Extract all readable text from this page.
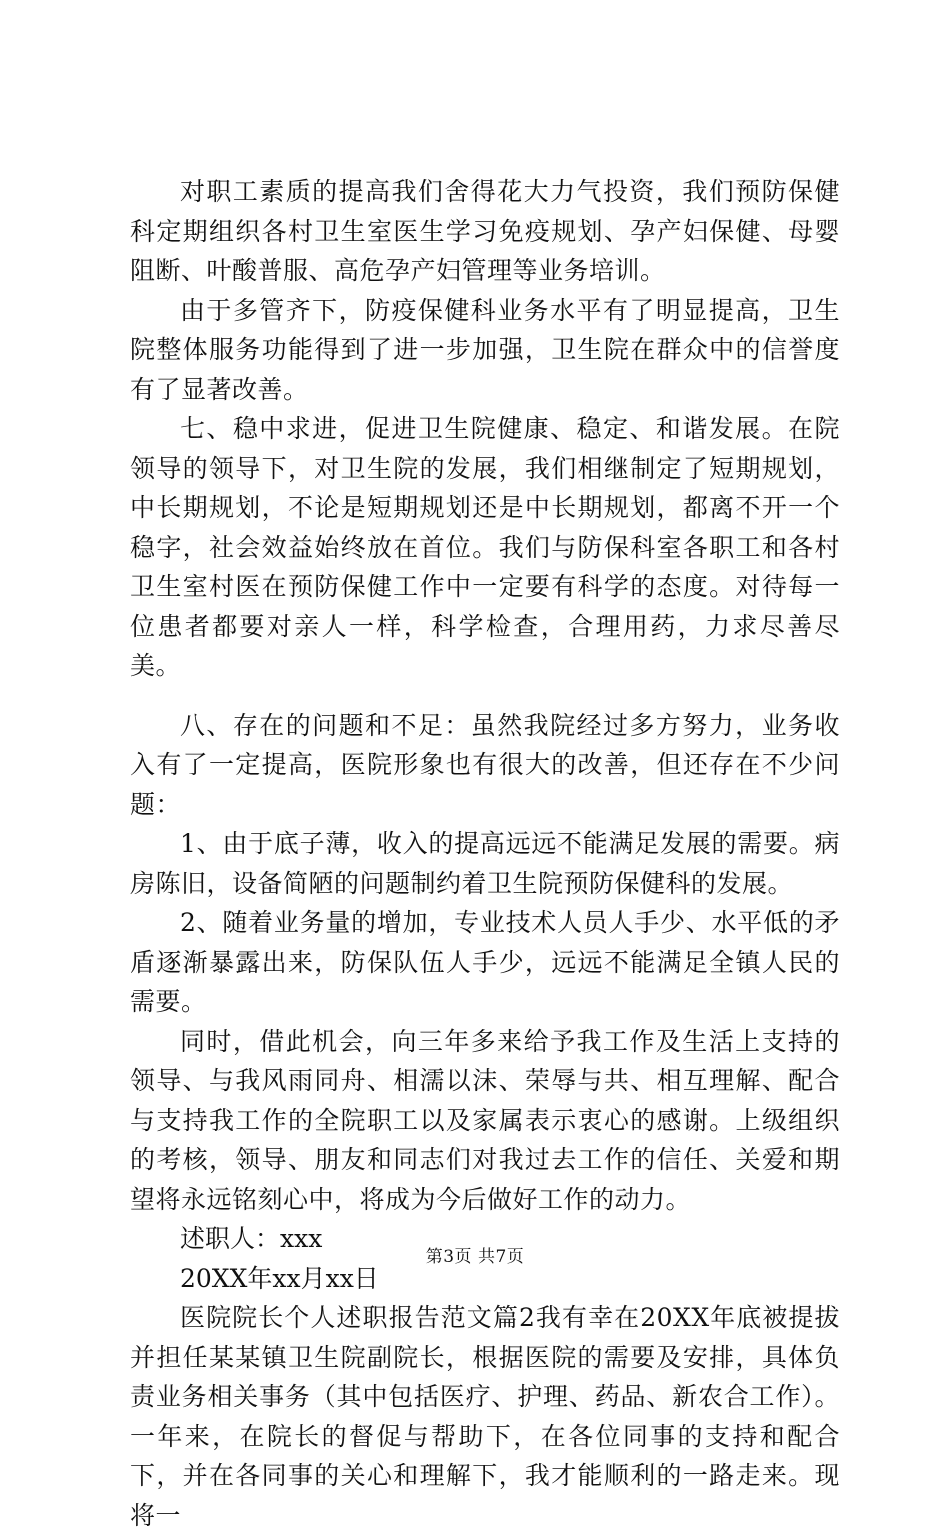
对职工素质的提高我们舍得花大力气投资，我们预防保健科定期组织各村卫生室医生学习免疫规划、孕产妇保健、母婴阻断、叶酸普服、高危孕产妇管理等业务培训。

由于多管齐下，防疫保健科业务水平有了明显提高，卫生院整体服务功能得到了进一步加强，卫生院在群众中的信誉度有了显著改善。

七、稳中求进，促进卫生院健康、稳定、和谐发展。在院领导的领导下，对卫生院的发展，我们相继制定了短期规划，中长期规划，不论是短期规划还是中长期规划，都离不开一个稳字，社会效益始终放在首位。我们与防保科室各职工和各村卫生室村医在预防保健工作中一定要有科学的态度。对待每一位患者都要对亲人一样，科学检查，合理用药，力求尽善尽美。

八、存在的问题和不足：虽然我院经过多方努力，业务收入有了一定提高，医院形象也有很大的改善，但还存在不少问题：

1、由于底子薄，收入的提高远远不能满足发展的需要。病房陈旧，设备简陋的问题制约着卫生院预防保健科的发展。

2、随着业务量的增加，专业技术人员人手少、水平低的矛盾逐渐暴露出来，防保队伍人手少，远远不能满足全镇人民的需要。

同时，借此机会，向三年多来给予我工作及生活上支持的领导、与我风雨同舟、相濡以沫、荣辱与共、相互理解、配合与支持我工作的全院职工以及家属表示衷心的感谢。上级组织的考核，领导、朋友和同志们对我过去工作的信任、关爱和期望将永远铭刻心中，将成为今后做好工作的动力。

述职人：xxx

20XX年xx月xx日

医院院长个人述职报告范文篇2我有幸在20XX年底被提拔并担任某某镇卫生院副院长，根据医院的需要及安排，具体负责业务相关事务（其中包括医疗、护理、药品、新农合工作）。一年来，在院长的督促与帮助下，在各位同事的支持和配合下，并在各同事的关心和理解下，我才能顺利的一路走来。现将一

第3页 共7页
